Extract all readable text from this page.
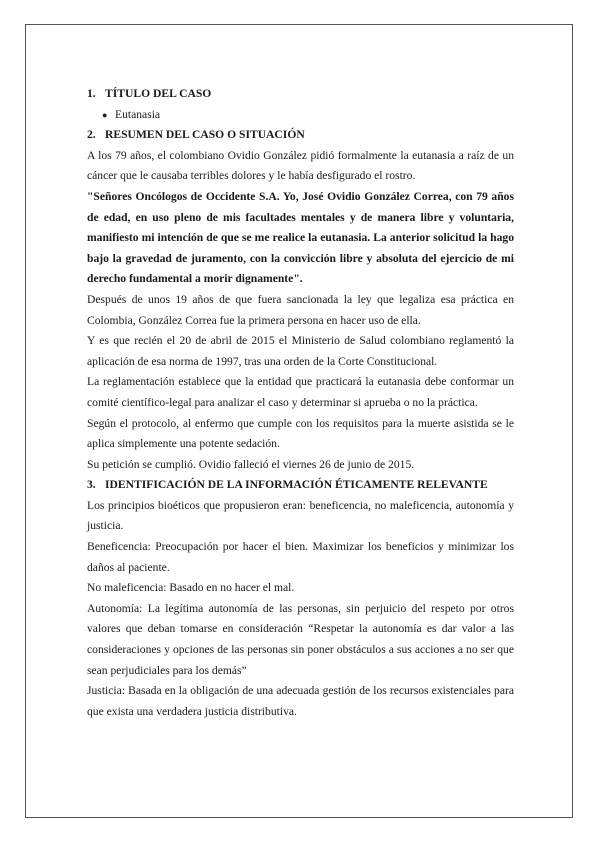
1. TÍTULO DEL CASO

● Eutanasia

2. RESUMEN DEL CASO O SITUACIÓN

A los 79 años, el colombiano Ovidio González pidió formalmente la eutanasia a raíz de un cáncer que le causaba terribles dolores y le había desfigurado el rostro.

"Señores Oncólogos de Occidente S.A. Yo, José Ovidio González Correa, con 79 años de edad, en uso pleno de mis facultades mentales y de manera libre y voluntaria, manifiesto mi intención de que se me realice la eutanasia. La anterior solicitud la hago bajo la gravedad de juramento, con la convicción libre y absoluta del ejercicio de mi derecho fundamental a morir dignamente".

Después de unos 19 años de que fuera sancionada la ley que legaliza esa práctica en Colombia, González Correa fue la primera persona en hacer uso de ella.

Y es que recién el 20 de abril de 2015 el Ministerio de Salud colombiano reglamentó la aplicación de esa norma de 1997, tras una orden de la Corte Constitucional.

La reglamentación establece que la entidad que practicará la eutanasia debe conformar un comité científico-legal para analizar el caso y determinar si aprueba o no la práctica.

Según el protocolo, al enfermo que cumple con los requisitos para la muerte asistida se le aplica simplemente una potente sedación.

Su petición se cumplió. Ovidio falleció el viernes 26 de junio de 2015.

3. IDENTIFICACIÓN DE LA INFORMACIÓN ÉTICAMENTE RELEVANTE

Los principios bioéticos que propusieron eran: beneficencia, no maleficencia, autonomía y justicia.

Beneficencia: Preocupación por hacer el bien. Maximizar los beneficios y minimizar los daños al paciente.

No maleficencia: Basado en no hacer el mal.

Autonomía: La legítima autonomía de las personas, sin perjuicio del respeto por otros valores que deban tomarse en consideración “Respetar la autonomía es dar valor a las consideraciones y opciones de las personas sin poner obstáculos a sus acciones a no ser que sean perjudiciales para los demás”

Justicia: Basada en la obligación de una adecuada gestión de los recursos existenciales para que exista una verdadera justicia distributiva.
